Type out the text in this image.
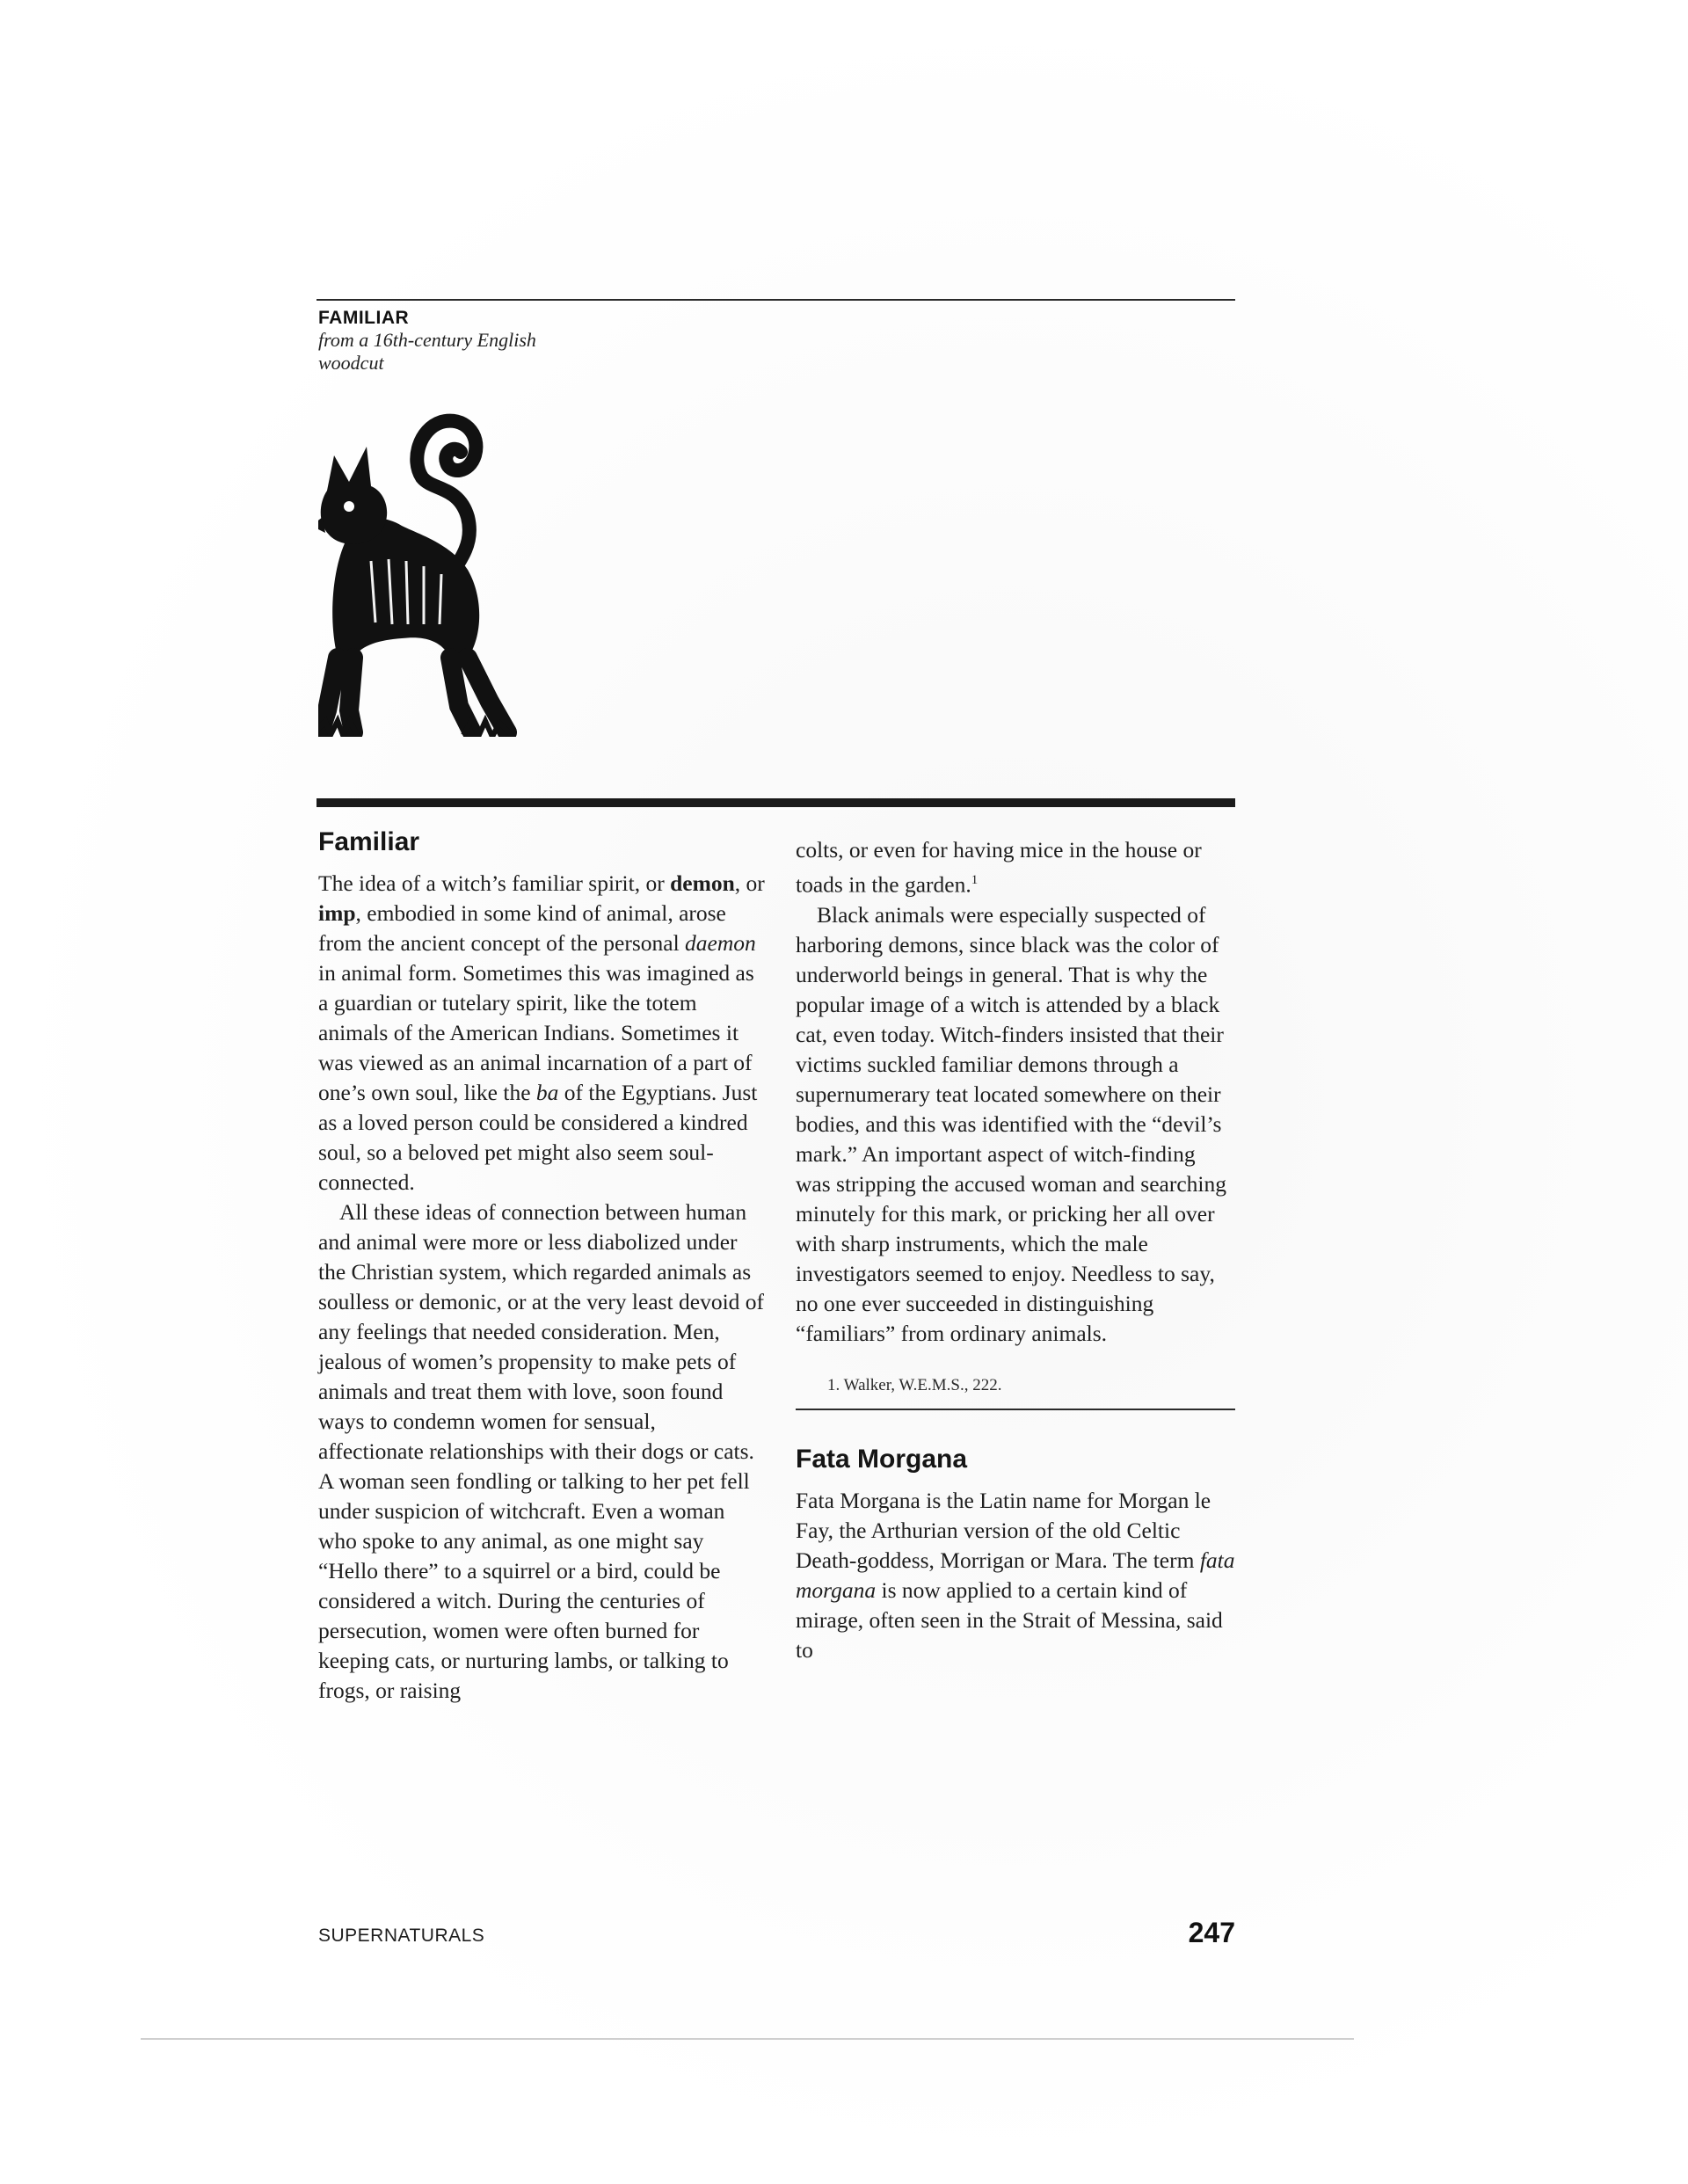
FAMILIAR
from a 16th-century English woodcut
Familiar

The idea of a witch’s familiar spirit, or demon, or imp, embodied in some kind of animal, arose from the ancient concept of the personal daemon in animal form. Sometimes this was imagined as a guardian or tutelary spirit, like the totem animals of the American Indians. Sometimes it was viewed as an animal incarnation of a part of one’s own soul, like the ba of the Egyptians. Just as a loved person could be considered a kindred soul, so a beloved pet might also seem soul-connected.

All these ideas of connection between human and animal were more or less diabolized under the Christian system, which regarded animals as soulless or demonic, or at the very least devoid of any feelings that needed consideration. Men, jealous of women’s propensity to make pets of animals and treat them with love, soon found ways to condemn women for sensual, affectionate relationships with their dogs or cats. A woman seen fondling or talking to her pet fell under suspicion of witchcraft. Even a woman who spoke to any animal, as one might say “Hello there” to a squirrel or a bird, could be considered a witch. During the centuries of persecution, women were often burned for keeping cats, or nurturing lambs, or talking to frogs, or raising

colts, or even for having mice in the house or toads in the garden.$^1$

Black animals were especially suspected of harboring demons, since black was the color of underworld beings in general. That is why the popular image of a witch is attended by a black cat, even today. Witch-finders insisted that their victims suckled familiar demons through a supernumerary teat located somewhere on their bodies, and this was identified with the “devil’s mark.” An important aspect of witch-finding was stripping the accused woman and searching minutely for this mark, or pricking her all over with sharp instruments, which the male investigators seemed to enjoy. Needless to say, no one ever succeeded in distinguishing “familiars” from ordinary animals.

1. Walker, W.E.M.S., 222.
Fata Morgana

Fata Morgana is the Latin name for Morgan le Fay, the Arthurian version of the old Celtic Death-goddess, Morrigan or Mara. The term fata morgana is now applied to a certain kind of mirage, often seen in the Strait of Messina, said to

SUPERNATURALS	247
